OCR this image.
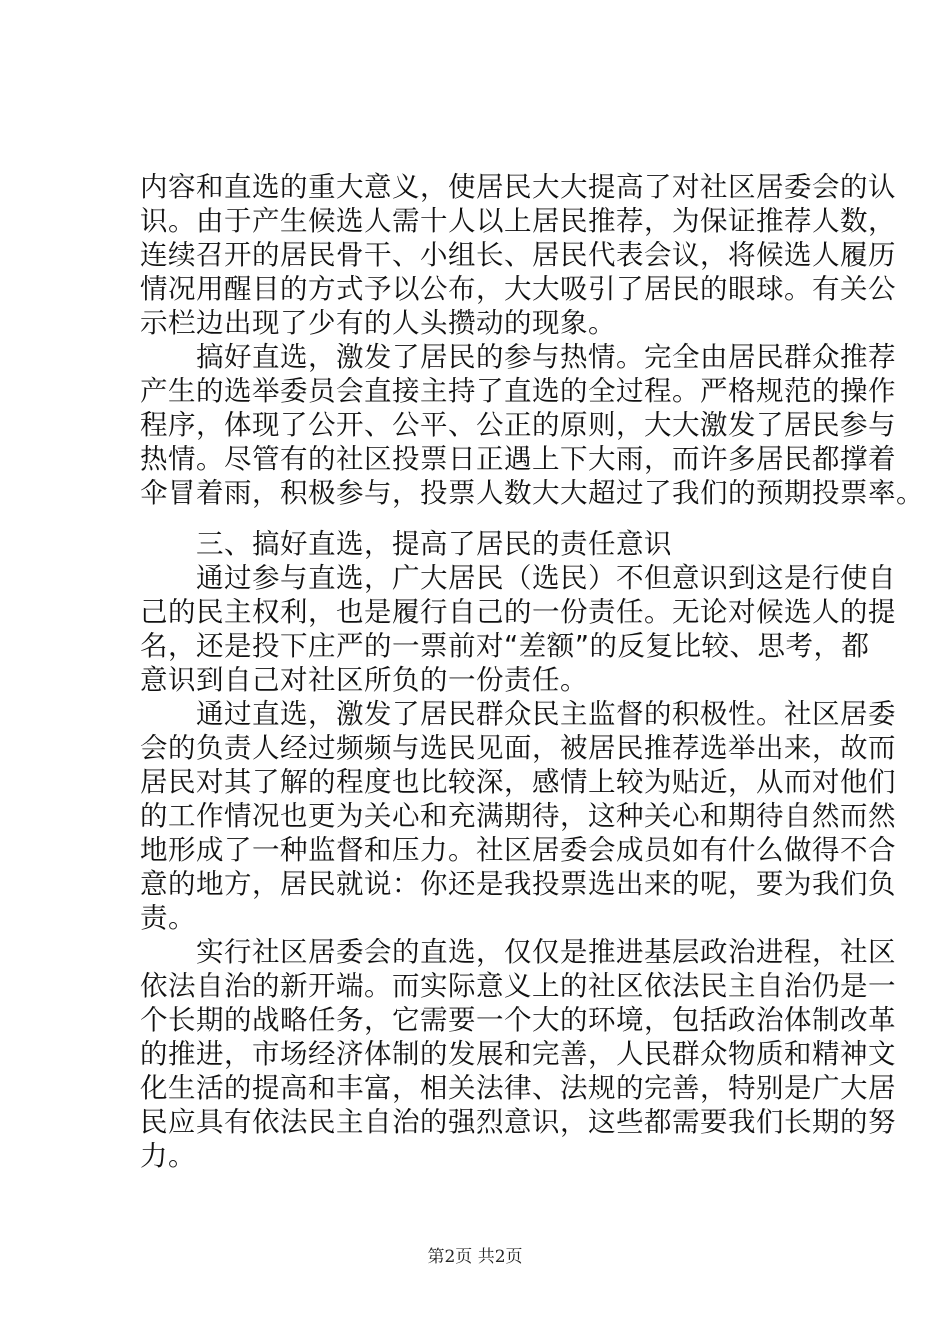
内容和直选的重大意义，使居民大大提高了对社区居委会的认
识。由于产生候选人需十人以上居民推荐，为保证推荐人数，
连续召开的居民骨干、小组长、居民代表会议，将候选人履历
情况用醒目的方式予以公布，大大吸引了居民的眼球。有关公
示栏边出现了少有的人头攒动的现象。
　　搞好直选，激发了居民的参与热情。完全由居民群众推荐
产生的选举委员会直接主持了直选的全过程。严格规范的操作
程序，体现了公开、公平、公正的原则，大大激发了居民参与
热情。尽管有的社区投票日正遇上下大雨，而许多居民都撑着
伞冒着雨，积极参与，投票人数大大超过了我们的预期投票率。
　　三、搞好直选，提高了居民的责任意识
　　通过参与直选，广大居民（选民）不但意识到这是行使自
己的民主权利，也是履行自己的一份责任。无论对候选人的提
名，还是投下庄严的一票前对“差额”的反复比较、思考，都
意识到自己对社区所负的一份责任。
　　通过直选，激发了居民群众民主监督的积极性。社区居委
会的负责人经过频频与选民见面，被居民推荐选举出来，故而
居民对其了解的程度也比较深，感情上较为贴近，从而对他们
的工作情况也更为关心和充满期待，这种关心和期待自然而然
地形成了一种监督和压力。社区居委会成员如有什么做得不合
意的地方，居民就说：你还是我投票选出来的呢，要为我们负
责。
　　实行社区居委会的直选，仅仅是推进基层政治进程，社区
依法自治的新开端。而实际意义上的社区依法民主自治仍是一
个长期的战略任务，它需要一个大的环境，包括政治体制改革
的推进，市场经济体制的发展和完善，人民群众物质和精神文
化生活的提高和丰富，相关法律、法规的完善，特别是广大居
民应具有依法民主自治的强烈意识，这些都需要我们长期的努
力。
第2页 共2页
